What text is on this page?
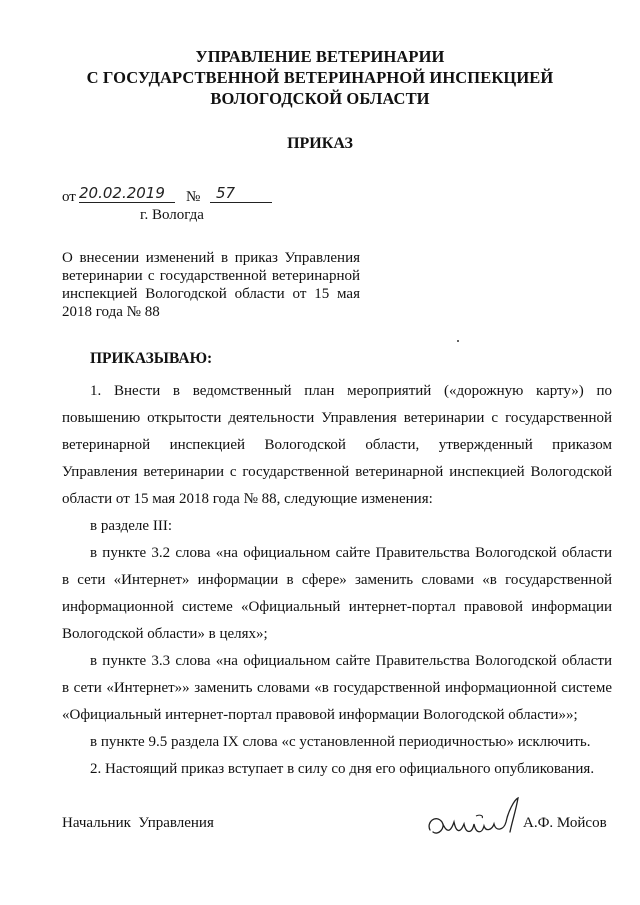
УПРАВЛЕНИЕ ВЕТЕРИНАРИИ
С ГОСУДАРСТВЕННОЙ ВЕТЕРИНАРНОЙ ИНСПЕКЦИЕЙ
ВОЛОГОДСКОЙ ОБЛАСТИ
ПРИКАЗ
от 20.02.2019	№	57
г. Вологда
О внесении изменений в приказ Управления
ветеринарии с государственной ветеринарной
инспекцией Вологодской области от 15 мая
2018 года № 88
ПРИКАЗЫВАЮ:
1. Внести в ведомственный план мероприятий («дорожную карту») по
повышению открытости деятельности Управления ветеринарии с государственной
ветеринарной инспекцией Вологодской области, утвержденный приказом
Управления ветеринарии с государственной ветеринарной инспекцией Вологодской
области от 15 мая 2018 года № 88, следующие изменения:
в разделе III:
в пункте 3.2 слова «на официальном сайте Правительства Вологодской области
в сети «Интернет» информации в сфере» заменить словами «в государственной
информационной системе «Официальный интернет-портал правовой информации
Вологодской области» в целях»;
в пункте 3.3 слова «на официальном сайте Правительства Вологодской области
в сети «Интернет»» заменить словами «в государственной информационной системе
«Официальный интернет-портал правовой информации Вологодской области»»;
в пункте 9.5 раздела IX слова «с установленной периодичностью» исключить.
2. Настоящий приказ вступает в силу со дня его официального опубликования.
Начальник  Управления	А.Ф. Мойсов
